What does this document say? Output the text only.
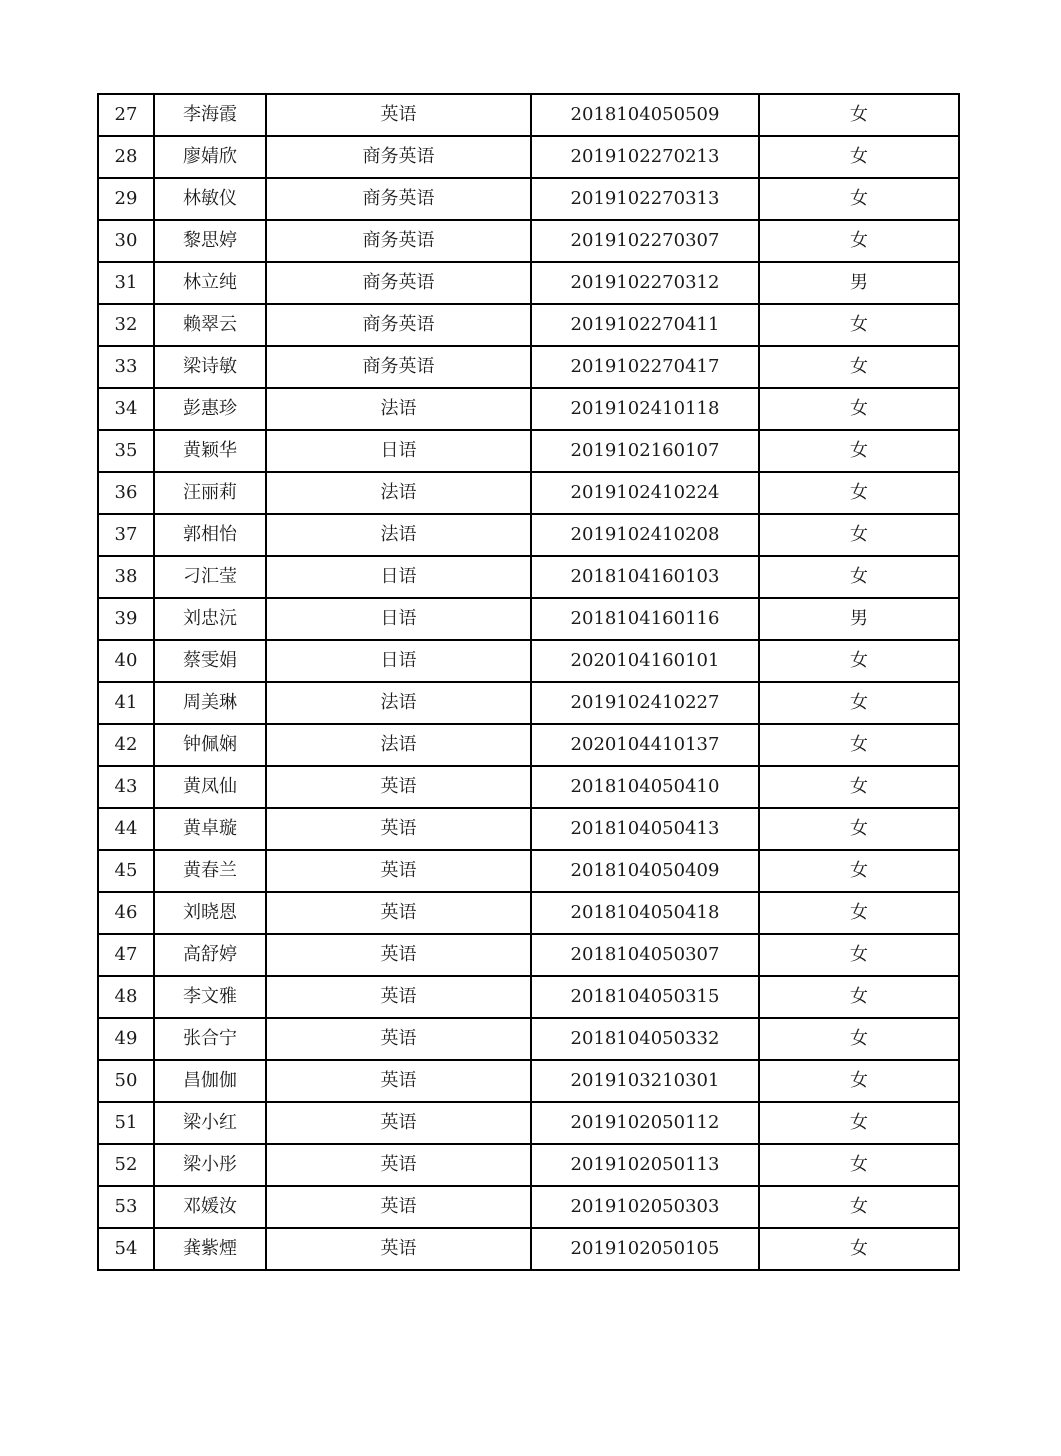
27	李海霞	英语	2018104050509	女
28	廖婧欣	商务英语	2019102270213	女
29	林敏仪	商务英语	2019102270313	女
30	黎思婷	商务英语	2019102270307	女
31	林立纯	商务英语	2019102270312	男
32	赖翠云	商务英语	2019102270411	女
33	梁诗敏	商务英语	2019102270417	女
34	彭惠珍	法语	2019102410118	女
35	黄颖华	日语	2019102160107	女
36	汪丽莉	法语	2019102410224	女
37	郭相怡	法语	2019102410208	女
38	刁汇莹	日语	2018104160103	女
39	刘忠沅	日语	2018104160116	男
40	蔡雯娟	日语	2020104160101	女
41	周美琳	法语	2019102410227	女
42	钟佩娴	法语	2020104410137	女
43	黄凤仙	英语	2018104050410	女
44	黄卓璇	英语	2018104050413	女
45	黄春兰	英语	2018104050409	女
46	刘晓恩	英语	2018104050418	女
47	高舒婷	英语	2018104050307	女
48	李文雅	英语	2018104050315	女
49	张合宁	英语	2018104050332	女
50	昌伽伽	英语	2019103210301	女
51	梁小红	英语	2019102050112	女
52	梁小彤	英语	2019102050113	女
53	邓媛汝	英语	2019102050303	女
54	龚紫煙	英语	2019102050105	女
